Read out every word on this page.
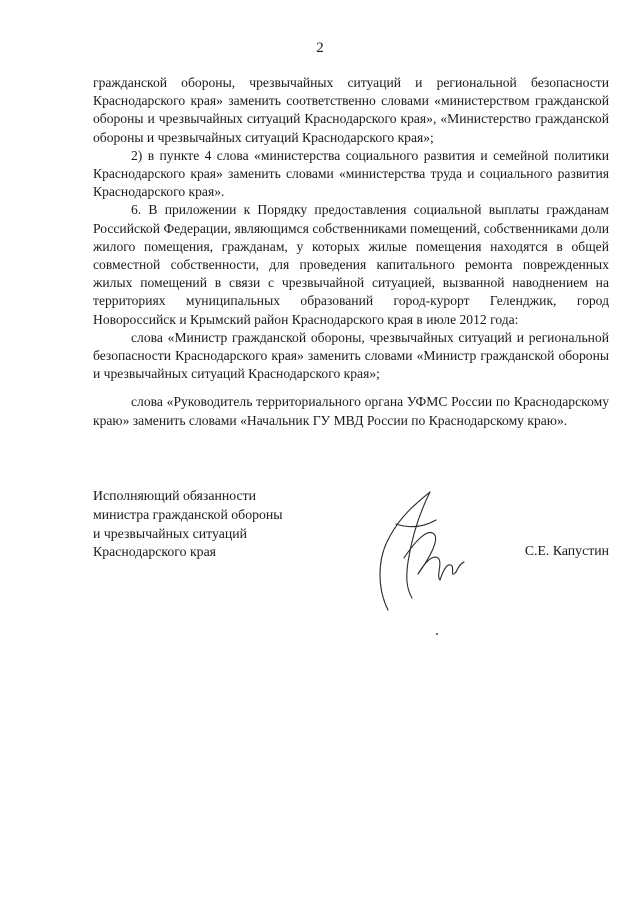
2

гражданской обороны, чрезвычайных ситуаций и региональной безопасности Краснодарского края» заменить соответственно словами «министерством гражданской обороны и чрезвычайных ситуаций Краснодарского края», «Министерство гражданской обороны и чрезвычайных ситуаций Краснодарского края»;

2) в пункте 4 слова «министерства социального развития и семейной политики Краснодарского края» заменить словами «министерства труда и социального развития Краснодарского края».

6. В приложении к Порядку предоставления социальной выплаты гражданам Российской Федерации, являющимся собственниками помещений, собственниками доли жилого помещения, гражданам, у которых жилые помещения находятся в общей совместной собственности, для проведения капитального ремонта поврежденных жилых помещений в связи с чрезвычайной ситуацией, вызванной наводнением на территориях муниципальных образований город-курорт Геленджик, город Новороссийск и Крымский район Краснодарского края в июле 2012 года:

слова «Министр гражданской обороны, чрезвычайных ситуаций и региональной безопасности Краснодарского края» заменить словами «Министр гражданской обороны и чрезвычайных ситуаций Краснодарского края»;

слова «Руководитель территориального органа УФМС России по Краснодарскому краю» заменить словами «Начальник ГУ МВД России по Краснодарскому краю».

Исполняющий обязанности
министра гражданской обороны
и чрезвычайных ситуаций
Краснодарского края	С.Е. Капустин
